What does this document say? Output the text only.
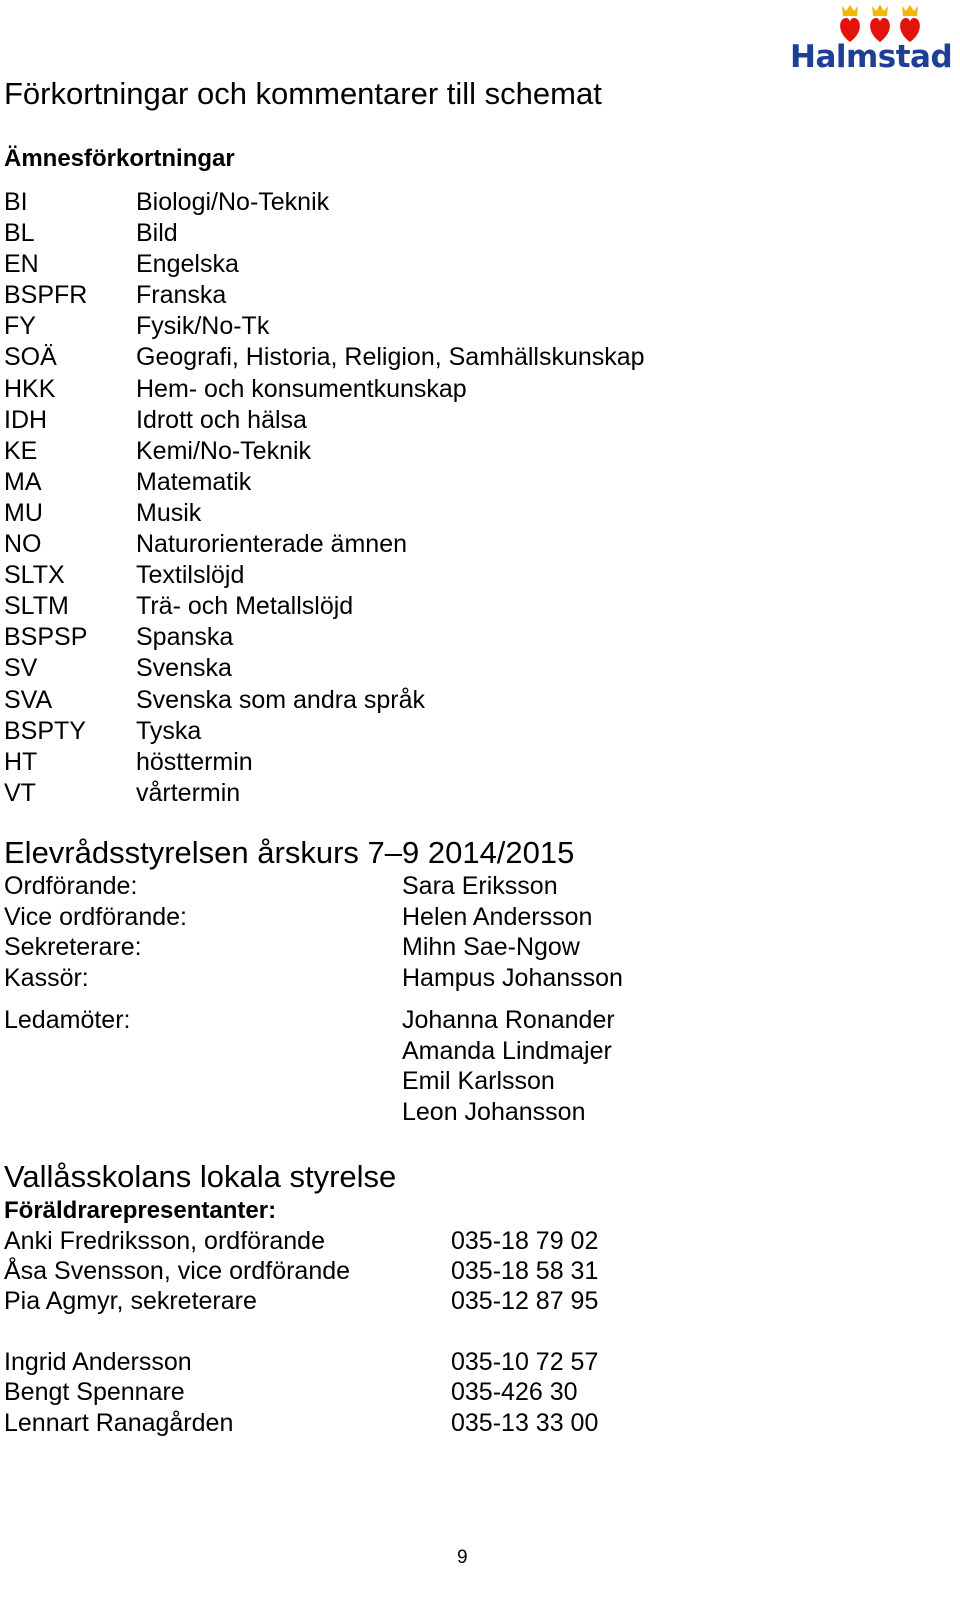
Halmstad
Förkortningar och kommentarer till schemat
Ämnesförkortningar
BI	Biologi/No-Teknik
BL	Bild
EN	Engelska
BSPFR Franska
FY	Fysik/No-Tk
SOÄ	Geografi, Historia, Religion, Samhällskunskap
HKK	Hem- och konsumentkunskap
IDH	Idrott och hälsa
KE	Kemi/No-Teknik
MA	Matematik
MU	Musik
NO	Naturorienterade ämnen
SLTX	Textilslöjd
SLTM	Trä- och Metallslöjd
BSPSP Spanska
SV	Svenska
SVA	Svenska som andra språk
BSPTY Tyska
HT	hösttermin
VT	vårtermin
Elevrådsstyrelsen årskurs 7–9 2014/2015
Ordförande:	Sara Eriksson
Vice ordförande:	Helen Andersson
Sekreterare:	Mihn Sae-Ngow
Kassör:	Hampus Johansson
Ledamöter:	Johanna Ronander
Amanda Lindmajer
Emil Karlsson
Leon Johansson
Vallåsskolans lokala styrelse
Föräldrarepresentanter:
Anki Fredriksson, ordförande	035-18 79 02
Åsa Svensson, vice ordförande	035-18 58 31
Pia Agmyr, sekreterare	035-12 87 95
Ingrid Andersson	035-10 72 57
Bengt Spennare	035-426 30
Lennart Ranagården	035-13 33 00
9
